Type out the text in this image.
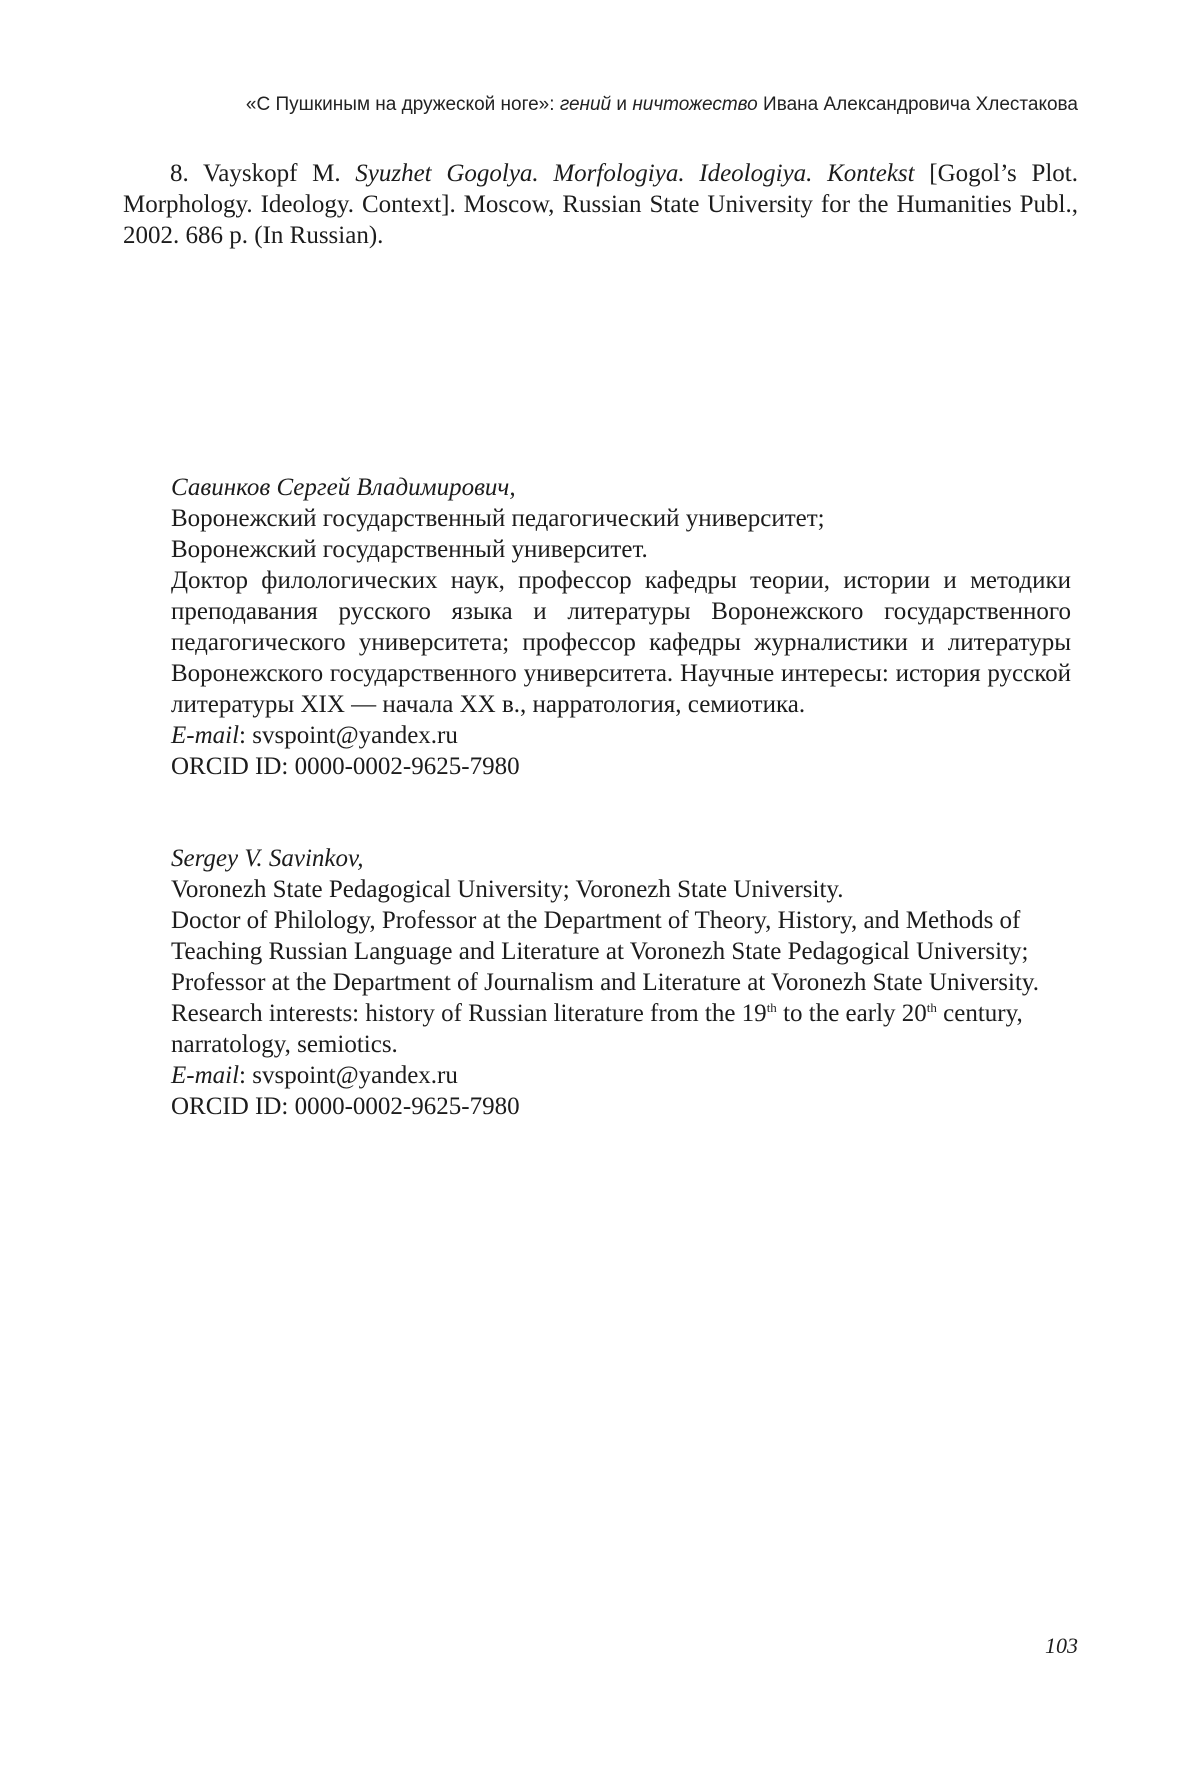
«С Пушкиным на дружеской ноге»: гений и ничтожество Ивана Александровича Хлестакова

8. Vayskopf M. Syuzhet Gogolya. Morfologiya. Ideologiya. Kontekst [Gogol’s Plot. Morphology. Ideology. Context]. Moscow, Russian State University for the Humanities Publ., 2002. 686 p. (In Russian).

Савинков Сергей Владимирович,
Воронежский государственный педагогический университет;
Воронежский государственный университет.
Доктор филологических наук, профессор кафедры теории, истории и методики преподавания русского языка и литературы Воронежского государственного педагогического университета; профессор кафедры журналистики и литературы Воронежского государственного университета. Научные интересы: история русской литературы XIX — начала XX в., нарратология, семиотика.
E-mail: svspoint@yandex.ru
ORCID ID: 0000-0002-9625-7980
Sergey V. Savinkov,
Voronezh State Pedagogical University; Voronezh State University.
Doctor of Philology, Professor at the Department of Theory, History, and Methods of Teaching Russian Language and Literature at Voronezh State Pedagogical University; Professor at the Department of Journalism and Literature at Voronezh State University. Research interests: history of Russian literature from the 19th to the early 20th century, narratology, semiotics.
E-mail: svspoint@yandex.ru
ORCID ID: 0000-0002-9625-7980
103
